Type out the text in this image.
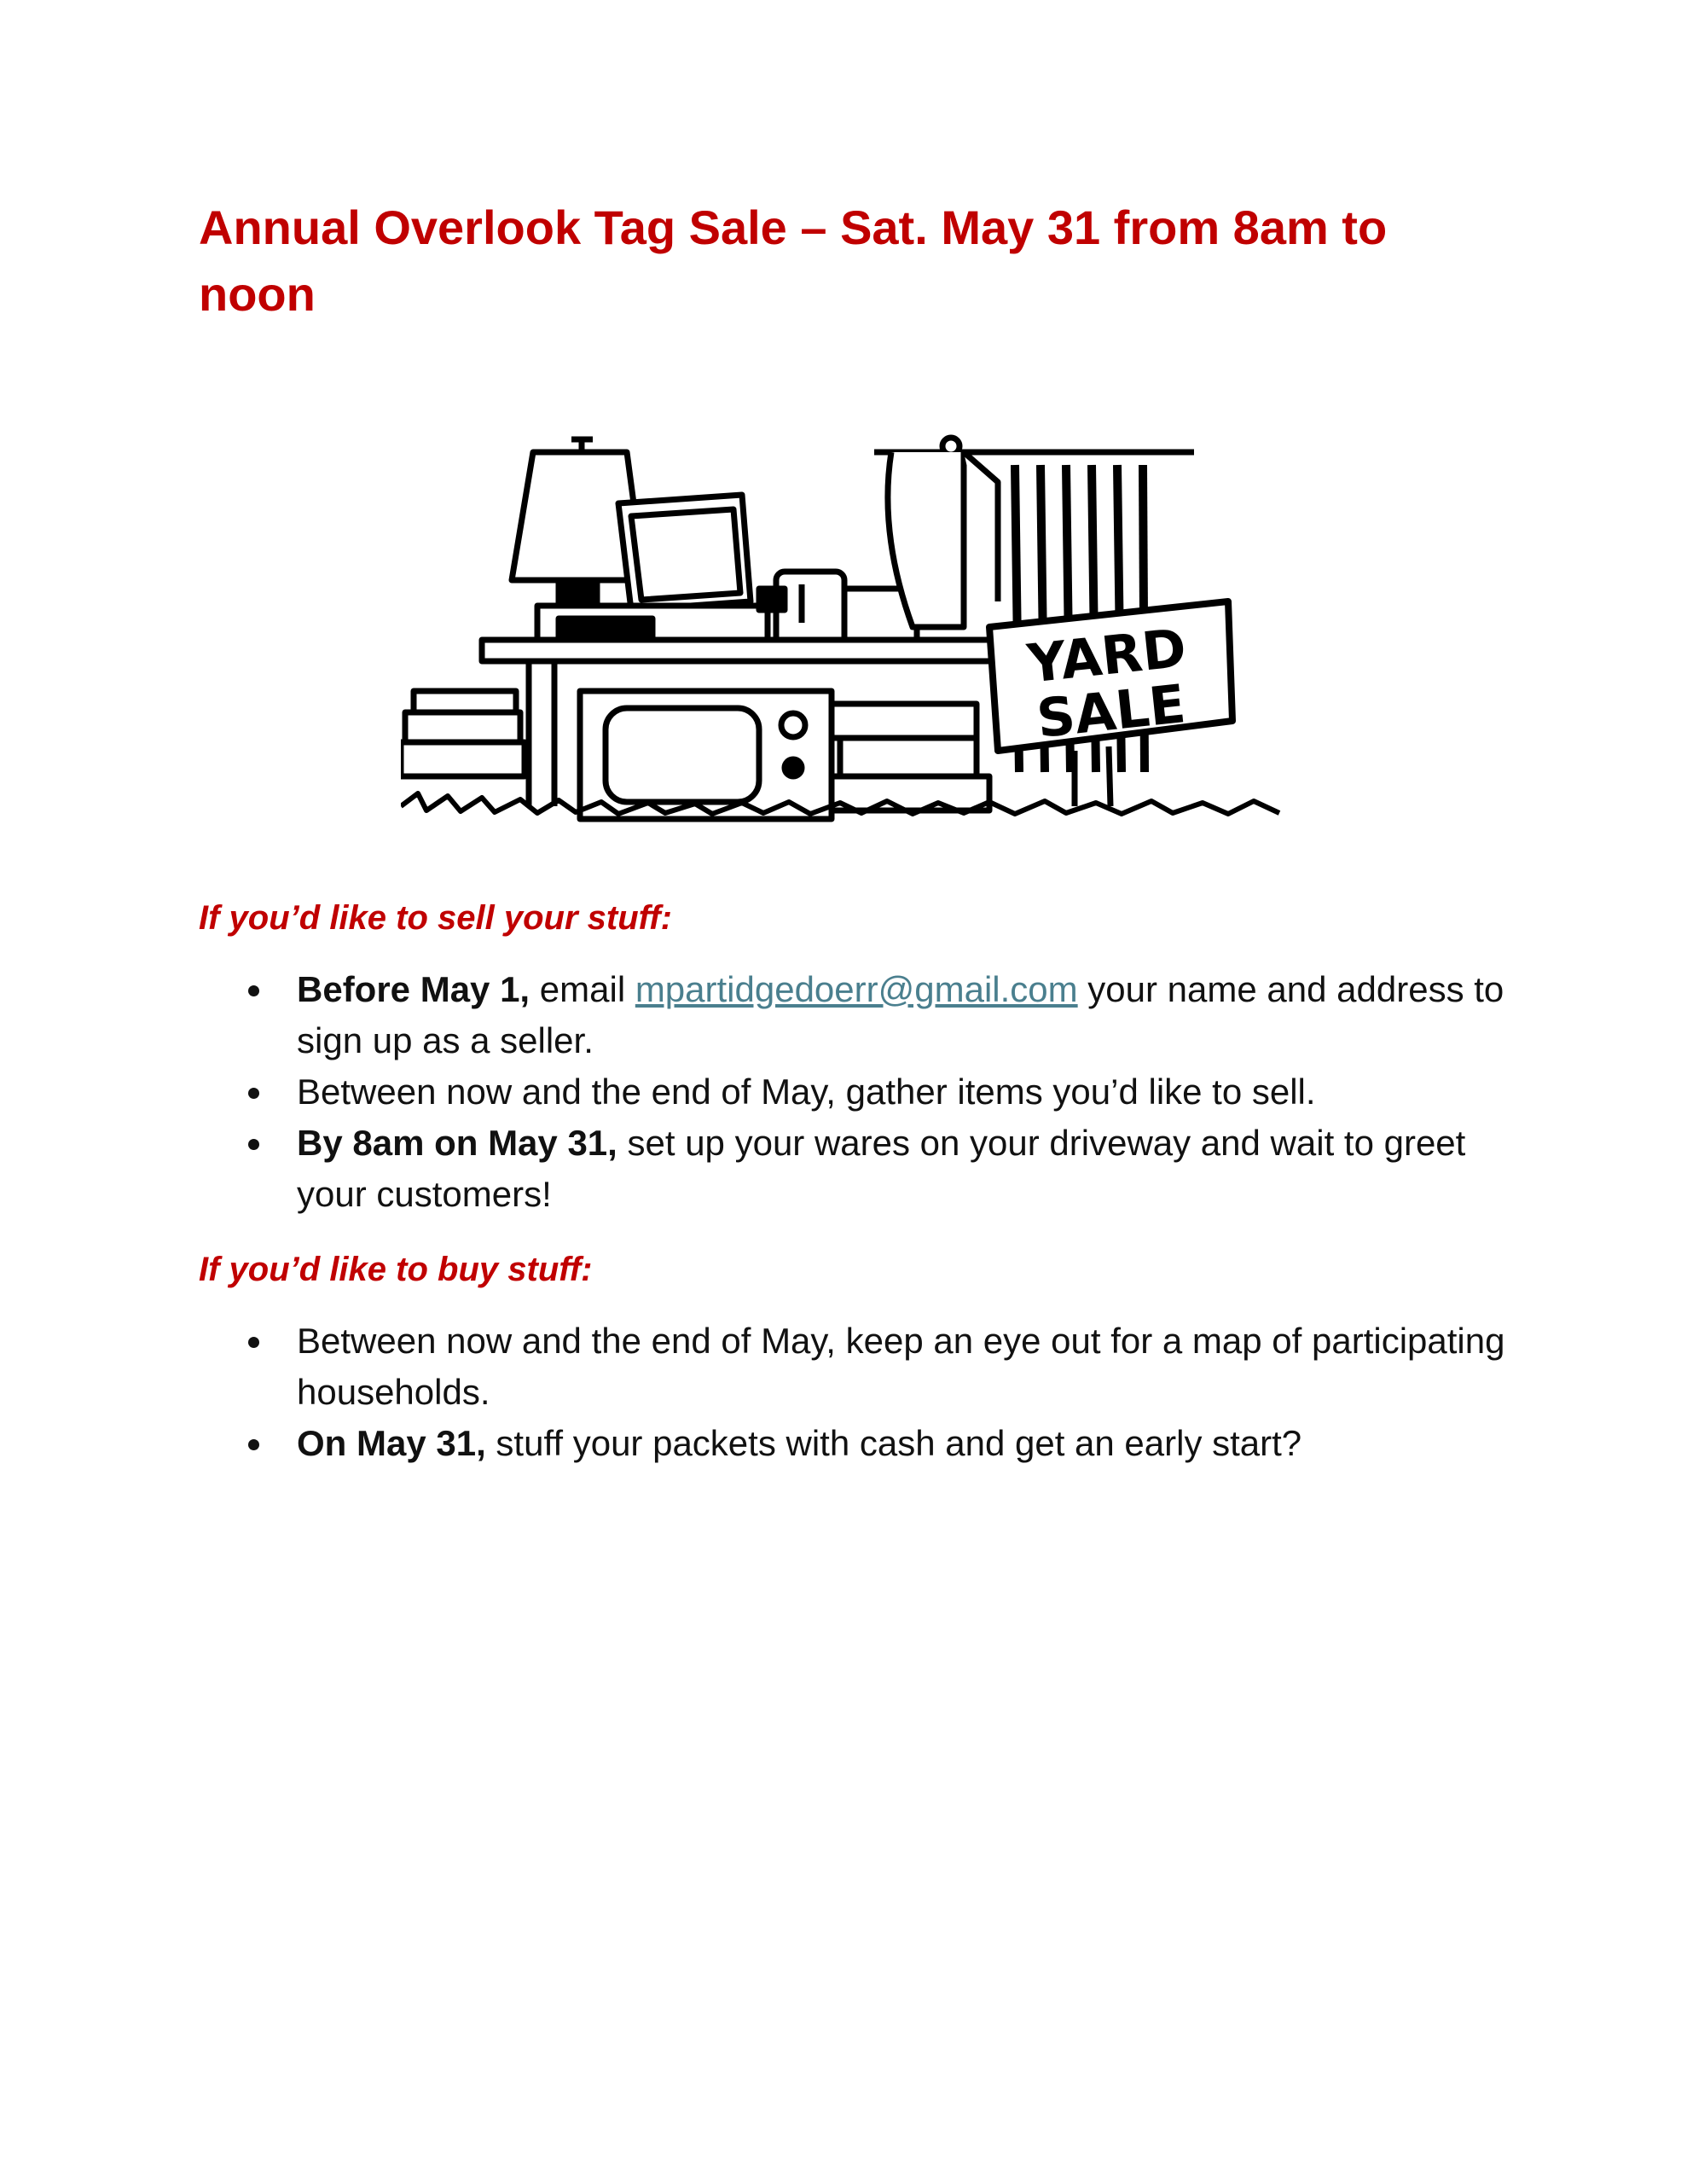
Annual Overlook Tag Sale – Sat. May 31 from 8am to noon
YARD
SALE
If you’d like to sell your stuff:
Before May 1, email mpartidgedoerr@gmail.com your name and address to sign up as a seller.
Between now and the end of May, gather items you’d like to sell.
By 8am on May 31, set up your wares on your driveway and wait to greet your customers!
If you’d like to buy stuff:
Between now and the end of May, keep an eye out for a map of participating households.
On May 31, stuff your packets with cash and get an early start?
